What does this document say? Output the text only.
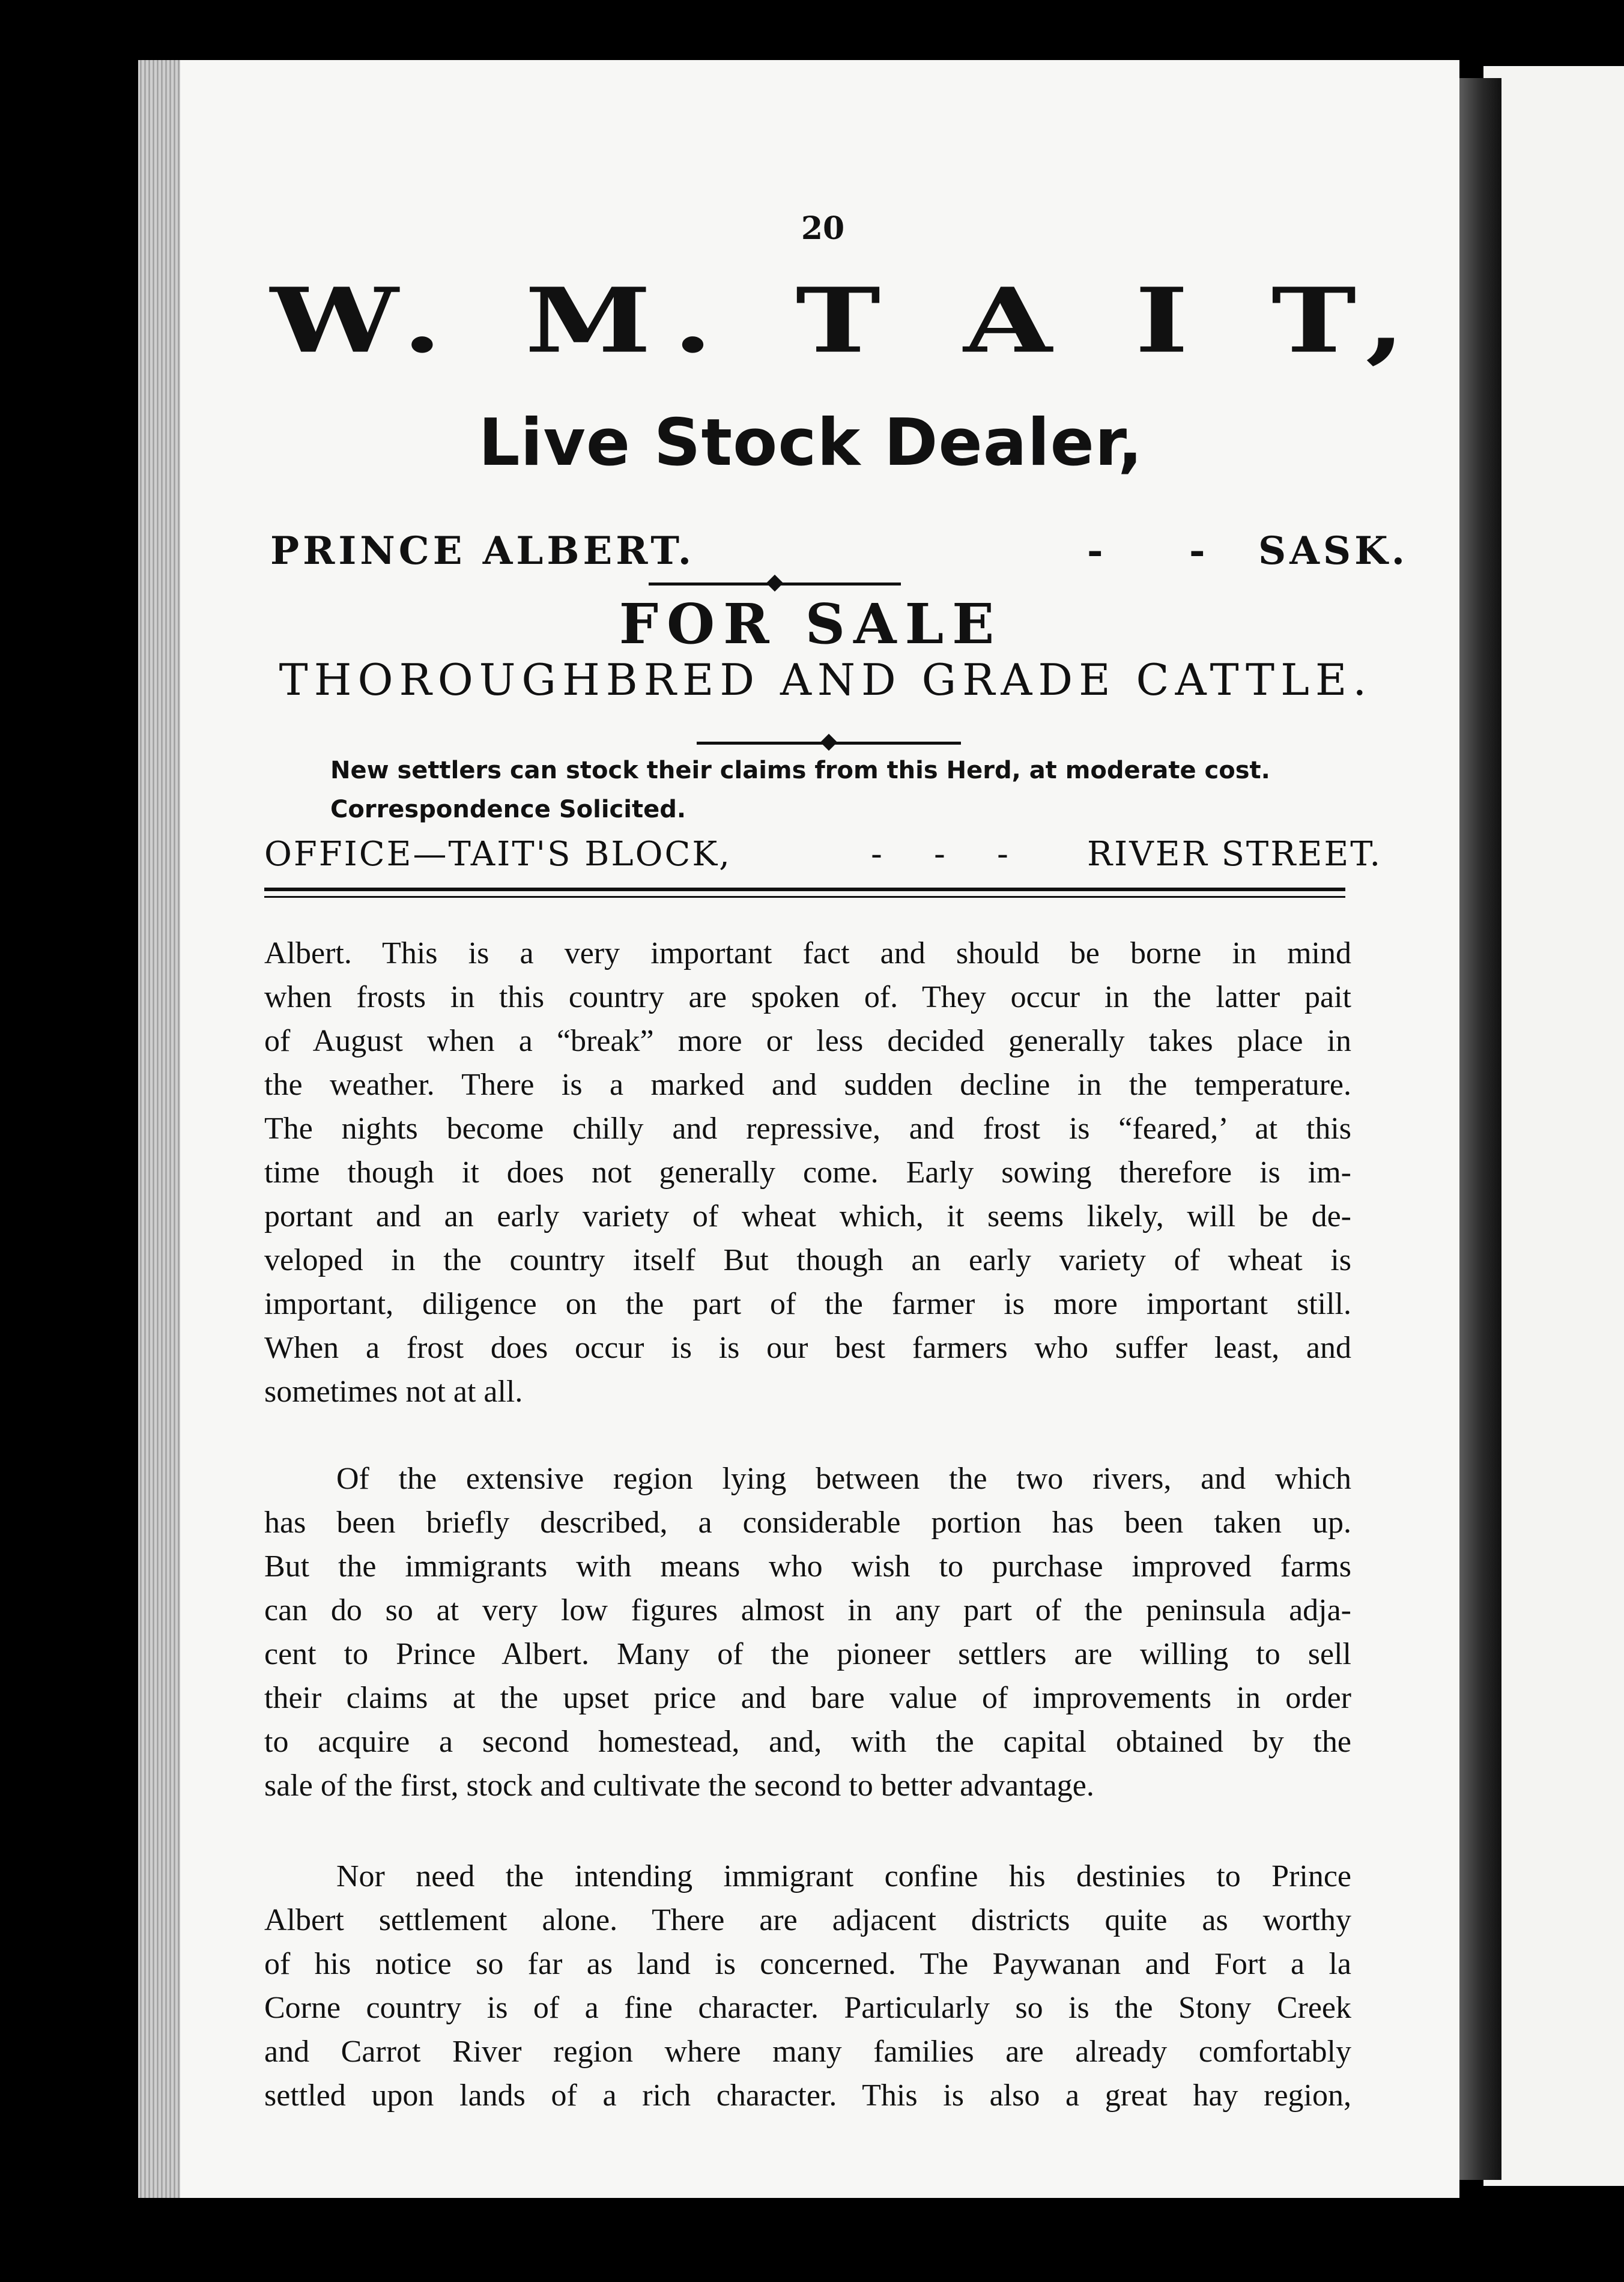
20
W. M. T A I T,
Live Stock Dealer,
PRINCE ALBERT.	- - SASK.
FOR SALE
THOROUGHBRED AND GRADE CATTLE.
New settlers can stock their claims from this Herd, at moderate cost.
Correspondence Solicited.
OFFICE—TAIT'S BLOCK,	- - - RIVER STREET.
Albert. This is a very important fact and should be borne in mind
when frosts in this country are spoken of. They occur in the latter pait
of August when a “break” more or less decided generally takes place in
the weather. There is a marked and sudden decline in the temperature.
The nights become chilly and repressive, and frost is “feared,’ at this
time though it does not generally come. Early sowing therefore is im-
portant and an early variety of wheat which, it seems likely, will be de-
veloped in the country itself But though an early variety of wheat is
important, diligence on the part of the farmer is more important still.
When a frost does occur is is our best farmers who suffer least, and
sometimes not at all.
Of the extensive region lying between the two rivers, and which
has been briefly described, a considerable portion has been taken up.
But the immigrants with means who wish to purchase improved farms
can do so at very low figures almost in any part of the peninsula adja-
cent to Prince Albert. Many of the pioneer settlers are willing to sell
their claims at the upset price and bare value of improvements in order
to acquire a second homestead, and, with the capital obtained by the
sale of the first, stock and cultivate the second to better advantage.
Nor need the intending immigrant confine his destinies to Prince
Albert settlement alone. There are adjacent districts quite as worthy
of his notice so far as land is concerned. The Paywanan and Fort a la
Corne country is of a fine character. Particularly so is the Stony Creek
and Carrot River region where many families are already comfortably
settled upon lands of a rich character. This is also a great hay region,
